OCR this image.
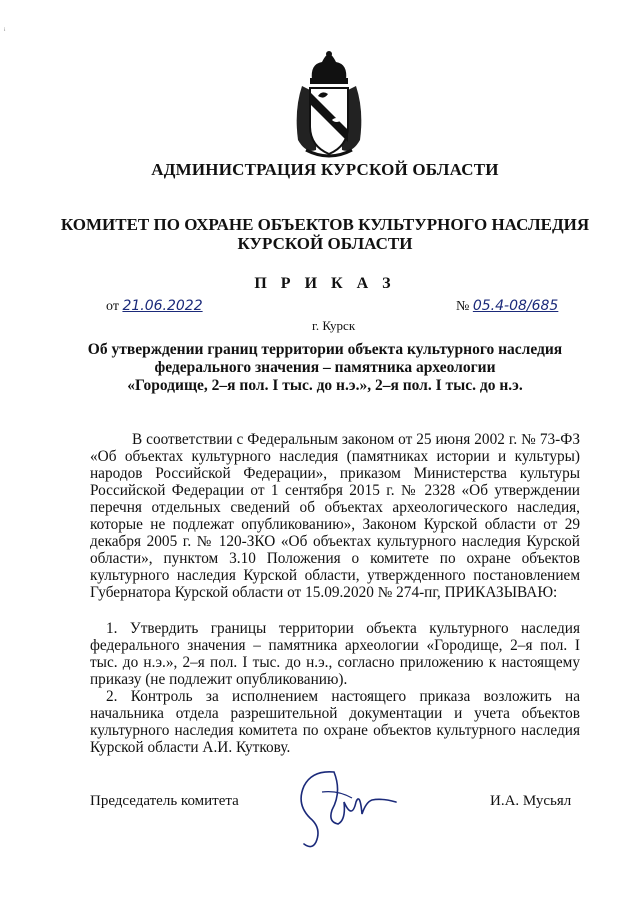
ᵢ
АДМИНИСТРАЦИЯ КУРСКОЙ ОБЛАСТИ
КОМИТЕТ ПО ОХРАНЕ ОБЪЕКТОВ КУЛЬТУРНОГО НАСЛЕДИЯ
КУРСКОЙ ОБЛАСТИ
П Р И К А З
от 21.06.2022	№ 05.4-08/685
г. Курск
Об утверждении границ территории объекта культурного наследия
федерального значения – памятника археологии
«Городище, 2–я пол. I тыс. до н.э.», 2–я пол. I тыс. до н.э.
В соответствии с Федеральным законом от 25 июня 2002 г. № 73-ФЗ «Об объектах культурного наследия (памятниках истории и культуры) народов Российской Федерации», приказом Министерства культуры Российской Федерации от 1 сентября 2015 г. № 2328 «Об утверждении перечня отдельных сведений об объектах археологического наследия, которые не подлежат опубликованию», Законом Курской области от 29 декабря 2005 г. № 120-ЗКО «Об объектах культурного наследия Курской области», пунктом 3.10 Положения о комитете по охране объектов культурного наследия Курской области, утвержденного постановлением Губернатора Курской области от 15.09.2020 № 274-пг, ПРИКАЗЫВАЮ:
1. Утвердить границы территории объекта культурного наследия федерального значения – памятника археологии «Городище, 2–я пол. I тыс. до н.э.», 2–я пол. I тыс. до н.э., согласно приложению к настоящему приказу (не подлежит опубликованию).
2. Контроль за исполнением настоящего приказа возложить на начальника отдела разрешительной документации и учета объектов культурного наследия комитета по охране объектов культурного наследия Курской области А.И. Куткову.
Председатель комитета	И.А. Мусьял
